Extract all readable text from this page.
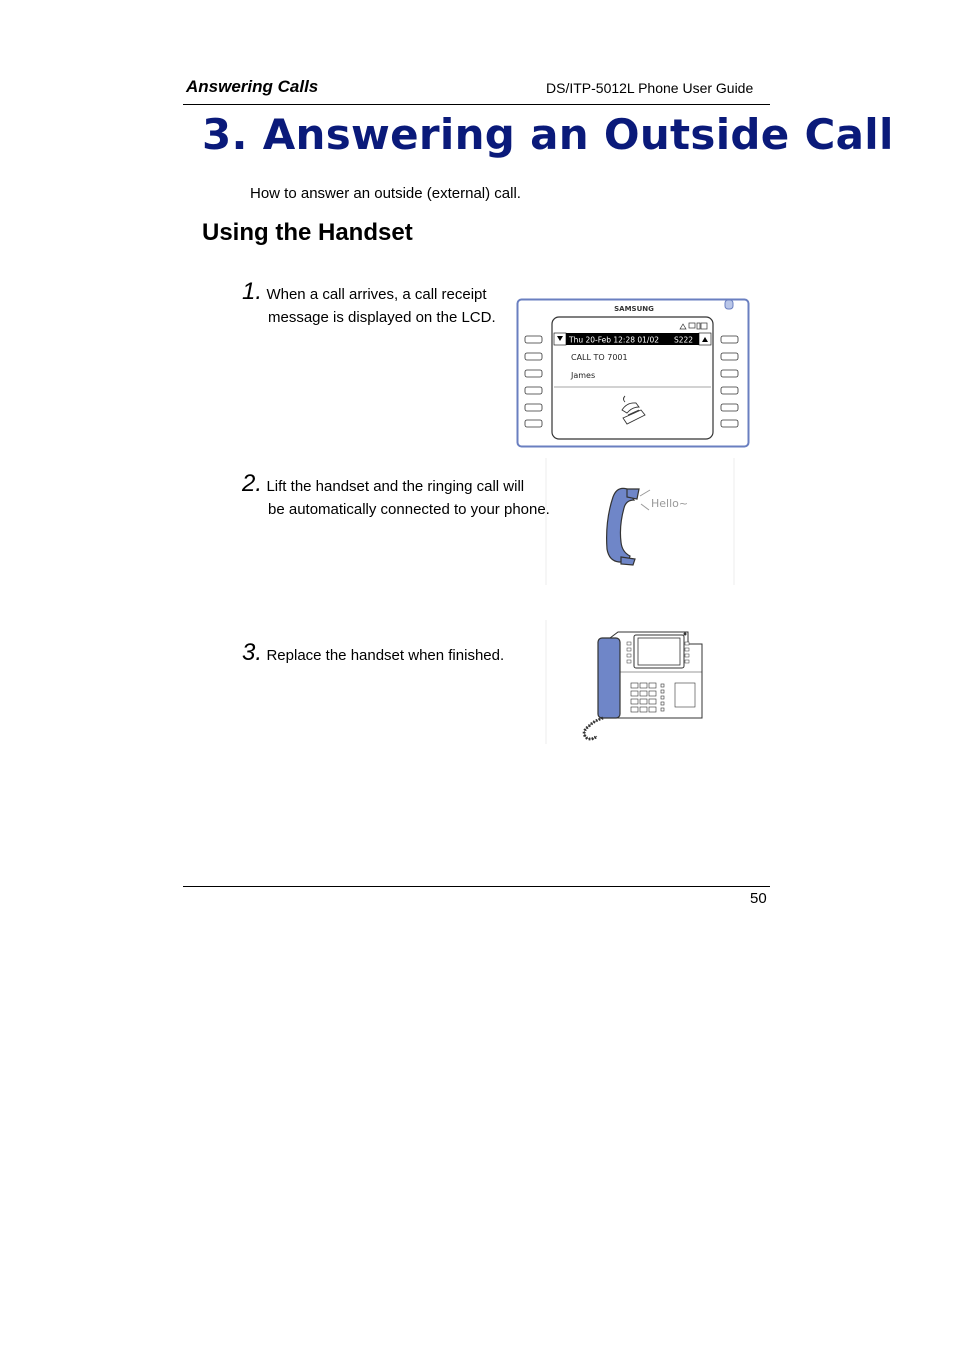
Answering Calls	DS/ITP-5012L Phone User Guide
3. Answering an Outside Call
How to answer an outside (external) call.
Using the Handset
1. When a call arrives, a call receipt
message is displayed on the LCD.	SAMSUNG
Thu 20-Feb 12:28 01/02 S222
CALL TO 7001
James
2. Lift the handset and the ringing call will
be automatically connected to your phone.	Hello~
3. Replace the handset when finished.
50
